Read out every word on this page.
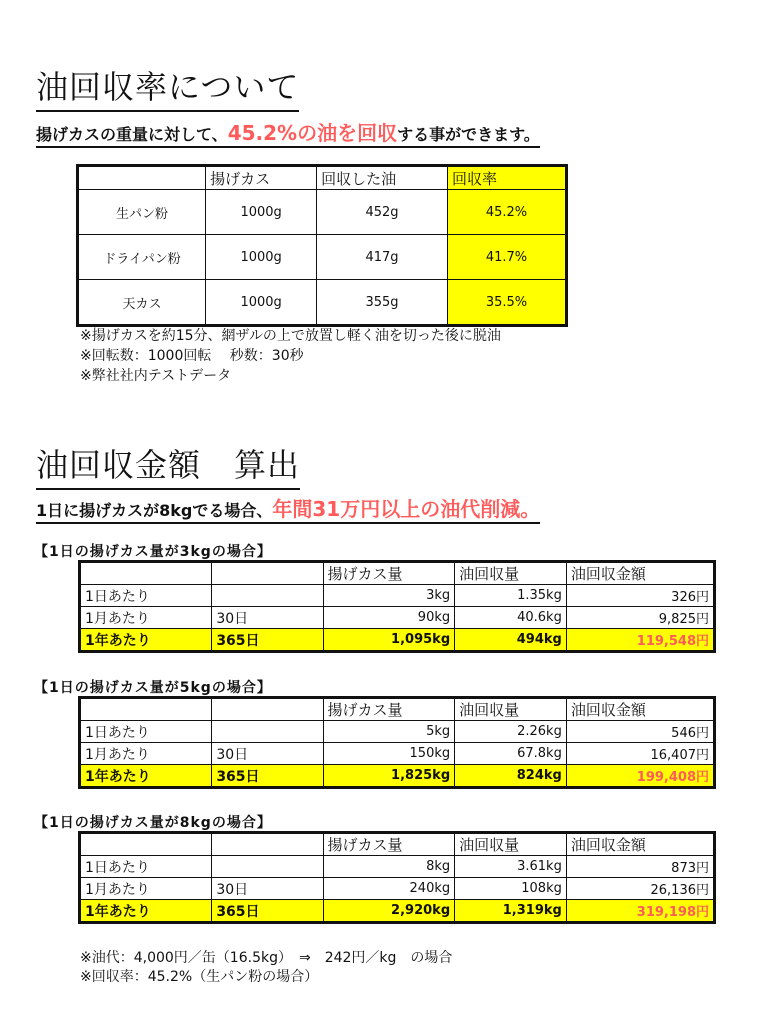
油回収率について
揚げカスの重量に対して、45.2%の油を回収する事ができます。
	揚げカス	回収した油	回収率
生パン粉	1000g	452g	45.2%
ドライパン粉	1000g	417g	41.7%
天カス	1000g	355g	35.5%
※揚げカスを約15分、網ザルの上で放置し軽く油を切った後に脱油
※回転数：1000回転　 秒数：30秒
※弊社社内テストデータ
油回収金額　算出
1日に揚げカスが8kgでる場合、年間31万円以上の油代削減。
【1日の揚げカス量が3kgの場合】
		揚げカス量	油回収量	油回収金額
1日あたり		3kg	1.35kg	326円
1月あたり	30日	90kg	40.6kg	9,825円
1年あたり	365日	1,095kg	494kg	119,548円
【1日の揚げカス量が5kgの場合】
		揚げカス量	油回収量	油回収金額
1日あたり		5kg	2.26kg	546円
1月あたり	30日	150kg	67.8kg	16,407円
1年あたり	365日	1,825kg	824kg	199,408円
【1日の揚げカス量が8kgの場合】
		揚げカス量	油回収量	油回収金額
1日あたり		8kg	3.61kg	873円
1月あたり	30日	240kg	108kg	26,136円
1年あたり	365日	2,920kg	1,319kg	319,198円
※油代：4,000円／缶（16.5kg）　⇒　242円／kg　の場合
※回収率：45.2%（生パン粉の場合）
